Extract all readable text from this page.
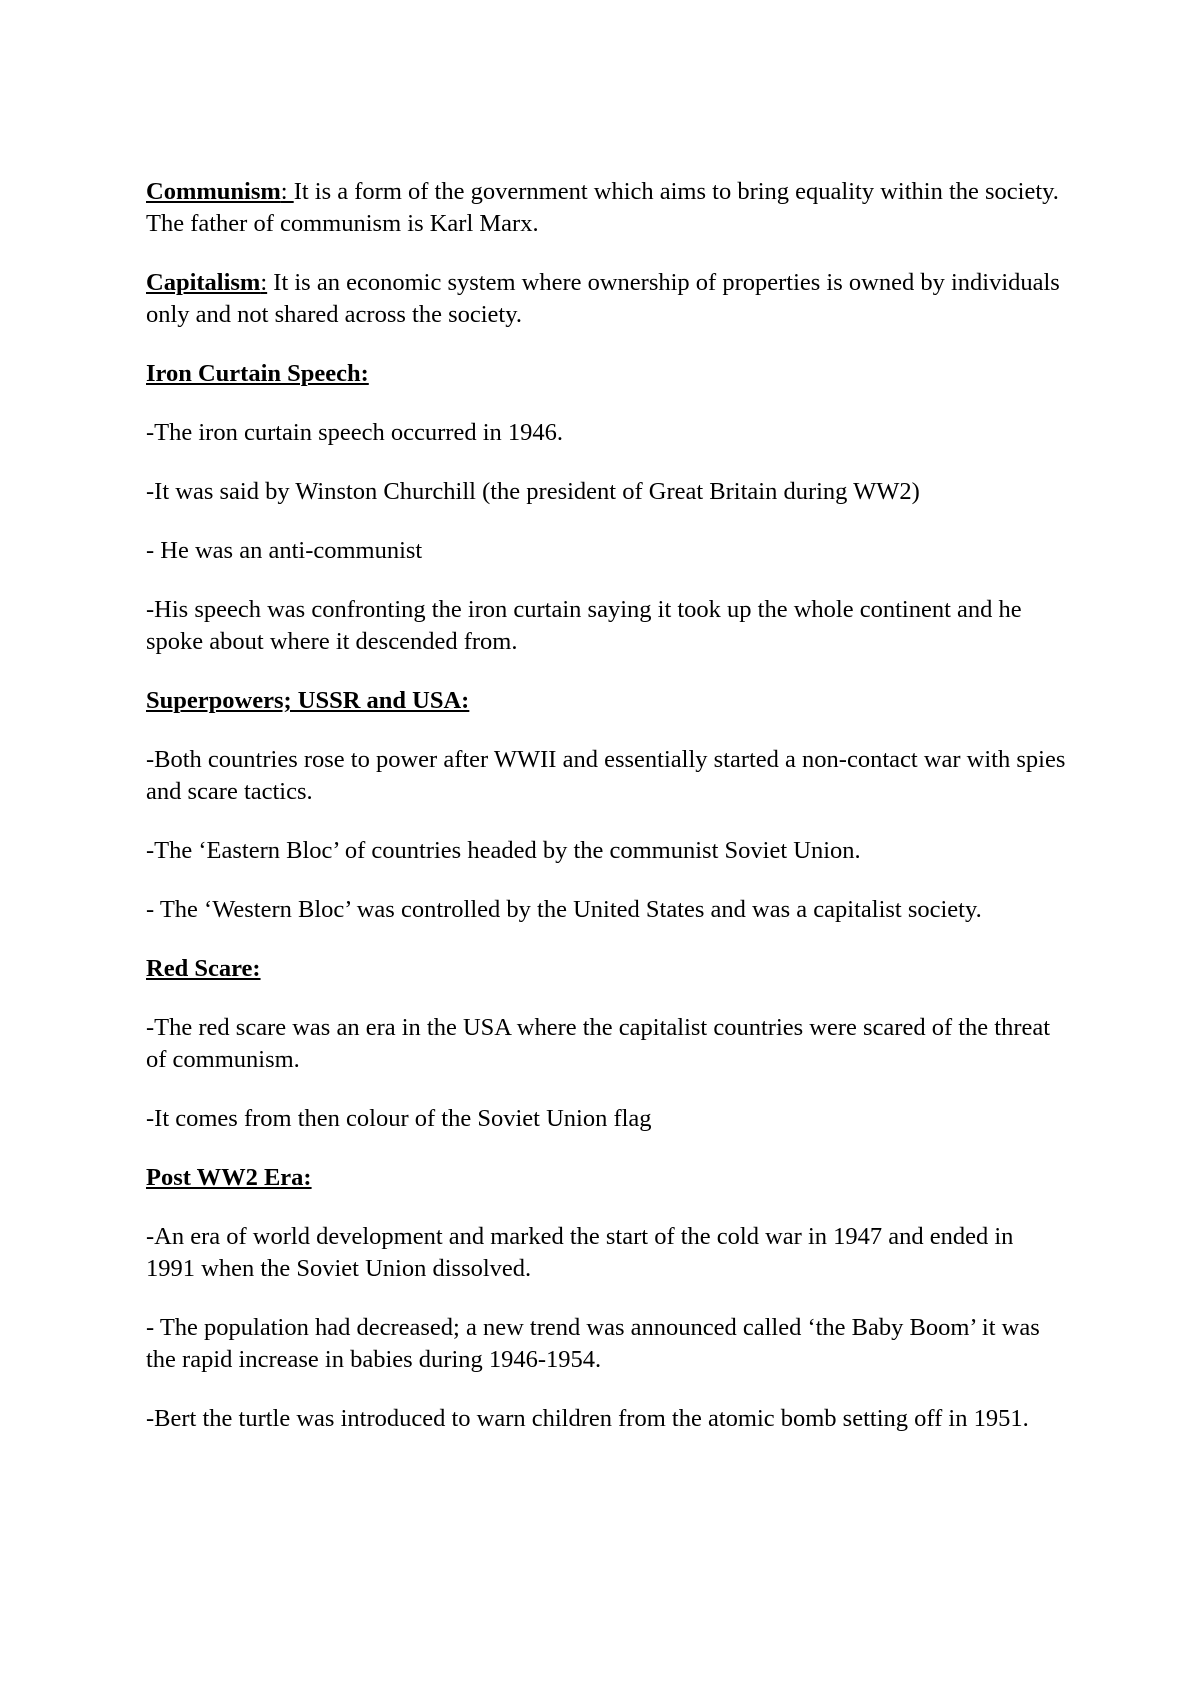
Communism: It is a form of the government which aims to bring equality within the society. The father of communism is Karl Marx.

Capitalism: It is an economic system where ownership of properties is owned by individuals only and not shared across the society.

Iron Curtain Speech:

-The iron curtain speech occurred in 1946.

-It was said by Winston Churchill (the president of Great Britain during WW2)

- He was an anti-communist

-His speech was confronting the iron curtain saying it took up the whole continent and he spoke about where it descended from.

Superpowers; USSR and USA:

-Both countries rose to power after WWII and essentially started a non-contact war with spies and scare tactics.

-The ‘Eastern Bloc’ of countries headed by the communist Soviet Union.

- The ‘Western Bloc’ was controlled by the United States and was a capitalist society.

Red Scare:

-The red scare was an era in the USA where the capitalist countries were scared of the threat of communism.

-It comes from then colour of the Soviet Union flag

Post WW2 Era:

-An era of world development and marked the start of the cold war in 1947 and ended in 1991 when the Soviet Union dissolved.

- The population had decreased; a new trend was announced called ‘the Baby Boom’ it was the rapid increase in babies during 1946-1954.

-Bert the turtle was introduced to warn children from the atomic bomb setting off in 1951.
